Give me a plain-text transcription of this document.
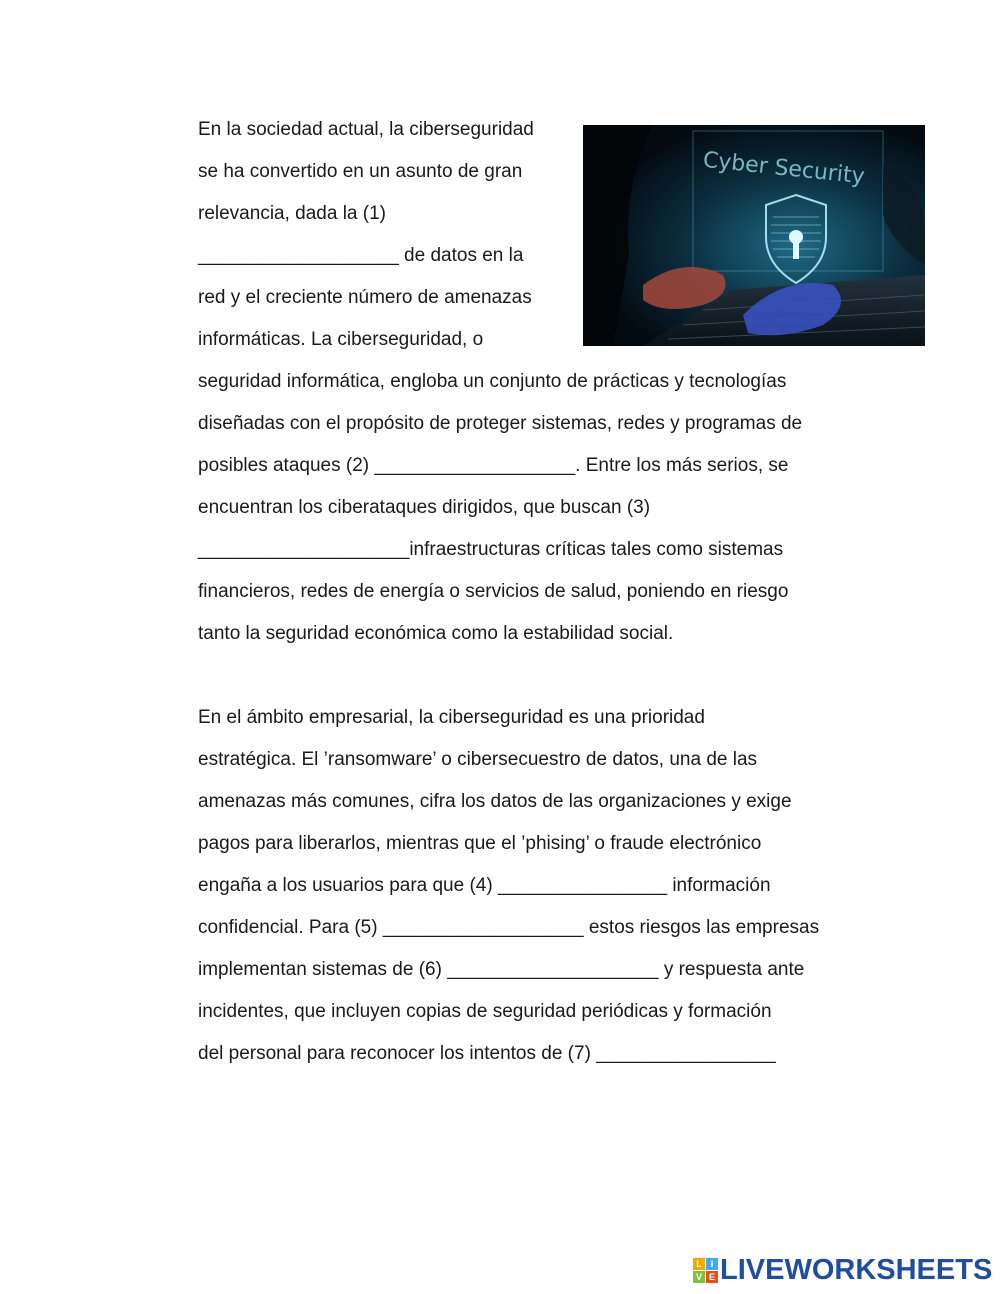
En la sociedad actual, la ciberseguridad

se ha convertido en un asunto de gran

relevancia, dada la (1)

___________________ de datos en la

red y el creciente número de amenazas

informáticas. La ciberseguridad, o

seguridad informática, engloba un conjunto de prácticas y tecnologías

diseñadas con el propósito de proteger sistemas, redes y programas de

posibles ataques (2) ___________________. Entre los más serios, se

encuentran los ciberataques dirigidos, que buscan (3)

____________________infraestructuras críticas tales como sistemas

financieros, redes de energía o servicios de salud, poniendo en riesgo

tanto la seguridad económica como la estabilidad social.

En el ámbito empresarial, la ciberseguridad es una prioridad

estratégica. El ’ransomware’ o cibersecuestro de datos, una de las

amenazas más comunes, cifra los datos de las organizaciones y exige

pagos para liberarlos, mientras que el ’phising’ o fraude electrónico

engaña a los usuarios para que (4) ________________ información

confidencial. Para (5) ___________________ estos riesgos las empresas

implementan sistemas de (6) ____________________ y respuesta ante

incidentes, que incluyen copias de seguridad periódicas y formación

del personal para reconocer los intentos de (7) _________________

Cyber Security
L I
V E LIVEWORKSHEETS
